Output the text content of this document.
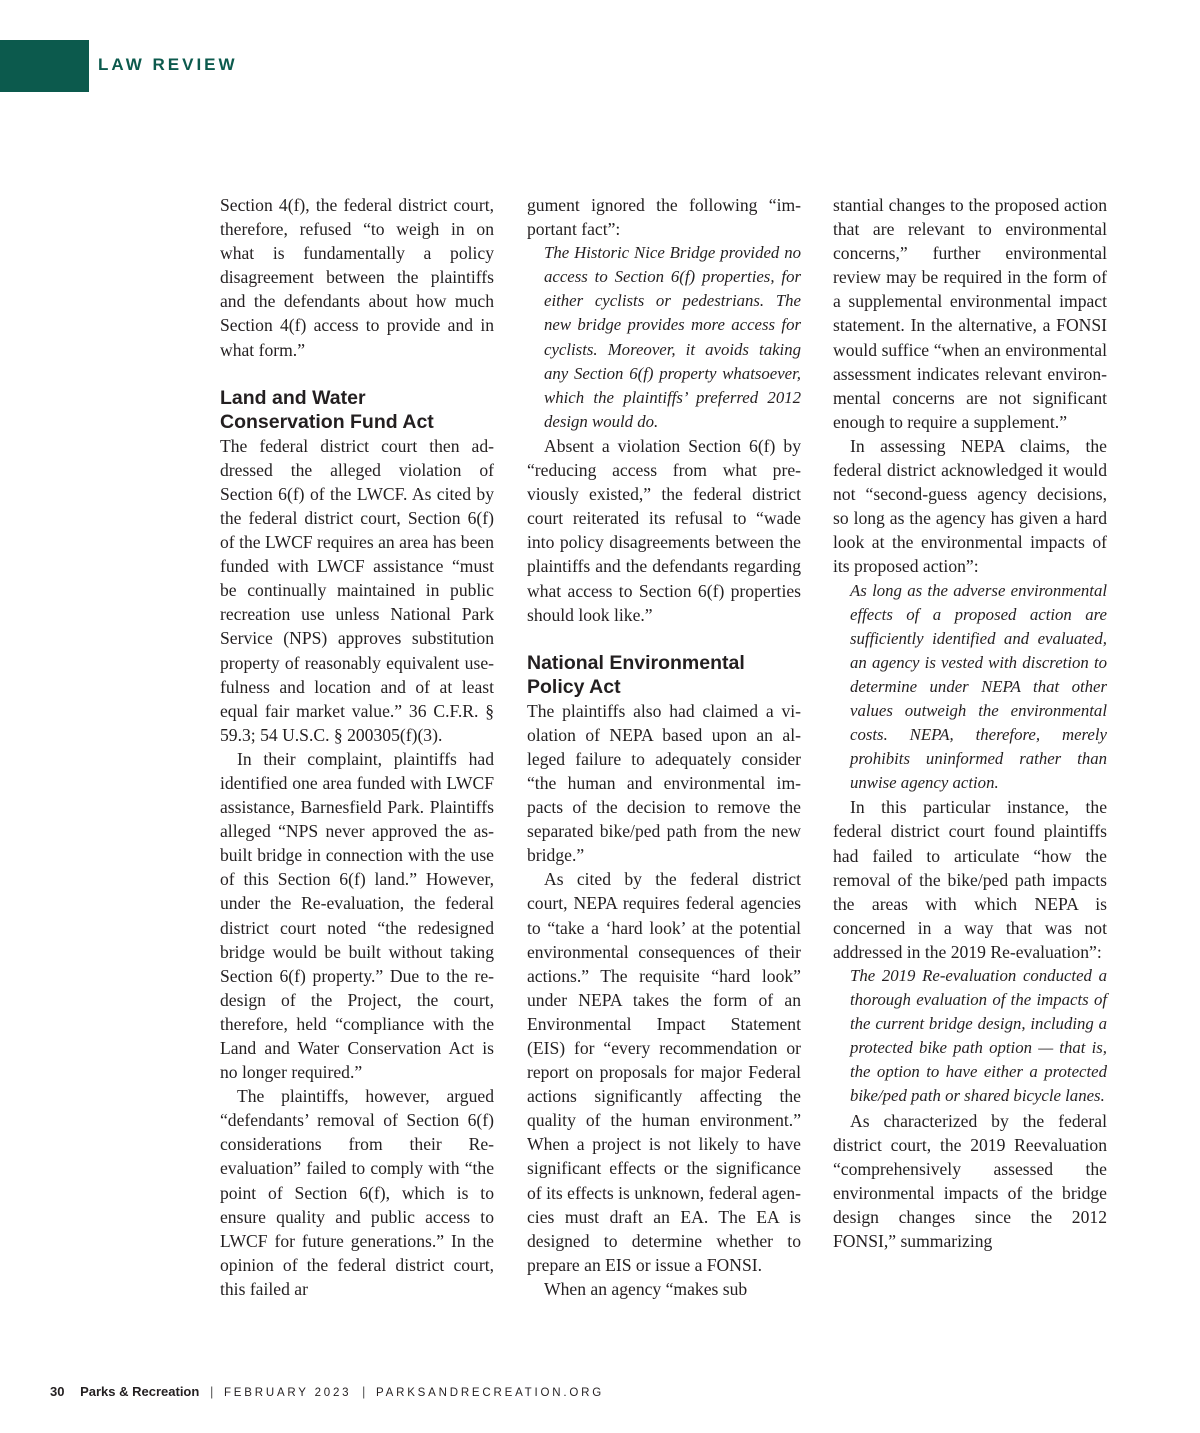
LAW REVIEW

Section 4(f), the federal district court, therefore, refused “to weigh in on what is fundamentally a policy disagreement between the plaintiffs and the defendants about how much Section 4(f) access to provide and in what form.”

Land and Water Conservation Fund Act

The federal district court then addressed the alleged violation of Section 6(f) of the LWCF. As cited by the federal district court, Section 6(f) of the LWCF requires an area has been funded with LWCF assistance “must be continually maintained in public recreation use unless National Park Service (NPS) approves substitution property of reasonably equivalent usefulness and location and of at least equal fair market value.” 36 C.F.R. § 59.3; 54 U.S.C. § 200305(f)(3).

In their complaint, plaintiffs had identified one area funded with LWCF assistance, Barnesfield Park. Plaintiffs alleged “NPS never approved the as-built bridge in connection with the use of this Section 6(f) land.” However, under the Re-evaluation, the federal district court noted “the redesigned bridge would be built without taking Section 6(f) property.” Due to the redesign of the Project, the court, therefore, held “compliance with the Land and Water Conservation Act is no longer required.”

The plaintiffs, however, argued “defendants’ removal of Section 6(f) considerations from their Re-evaluation” failed to comply with “the point of Section 6(f), which is to ensure quality and public access to LWCF for future generations.” In the opinion of the federal district court, this failed ar

gument ignored the following “important fact”:

The Historic Nice Bridge provided no access to Section 6(f) properties, for either cyclists or pedestrians. The new bridge provides more access for cyclists. Moreover, it avoids taking any Section 6(f) property whatsoever, which the plaintiffs’ preferred 2012 design would do.

Absent a violation Section 6(f) by “reducing access from what previously existed,” the federal district court reiterated its refusal to “wade into policy disagreements between the plaintiffs and the defendants regarding what access to Section 6(f) properties should look like.”

National Environmental Policy Act

The plaintiffs also had claimed a violation of NEPA based upon an alleged failure to adequately consider “the human and environmental impacts of the decision to remove the separated bike/ped path from the new bridge.”

As cited by the federal district court, NEPA requires federal agencies to “take a ‘hard look’ at the potential environmental consequences of their actions.” The requisite “hard look” under NEPA takes the form of an Environmental Impact Statement (EIS) for “every recommendation or report on proposals for major Federal actions significantly affecting the quality of the human environment.” When a project is not likely to have significant effects or the significance of its effects is unknown, federal agencies must draft an EA. The EA is designed to determine whether to prepare an EIS or issue a FONSI.

When an agency “makes sub

stantial changes to the proposed action that are relevant to environmental concerns,” further environmental review may be required in the form of a supplemental environmental impact statement. In the alternative, a FONSI would suffice “when an environmental assessment indicates relevant environmental concerns are not significant enough to require a supplement.”

In assessing NEPA claims, the federal district acknowledged it would not “second-guess agency decisions, so long as the agency has given a hard look at the environmental impacts of its proposed action”:

As long as the adverse environmental effects of a proposed action are sufficiently identified and evaluated, an agency is vested with discretion to determine under NEPA that other values outweigh the environmental costs. NEPA, therefore, merely prohibits uninformed rather than unwise agency action.

In this particular instance, the federal district court found plaintiffs had failed to articulate “how the removal of the bike/ped path impacts the areas with which NEPA is concerned in a way that was not addressed in the 2019 Re-evaluation”:

The 2019 Re-evaluation conducted a thorough evaluation of the impacts of the current bridge design, including a protected bike path option — that is, the option to have either a protected bike/ped path or shared bicycle lanes.

As characterized by the federal district court, the 2019 Reevaluation “comprehensively assessed the environmental impacts of the bridge design changes since the 2012 FONSI,” summarizing

30 Parks & Recreation | FEBRUARY 2023 | PARKSANDRECREATION.ORG
